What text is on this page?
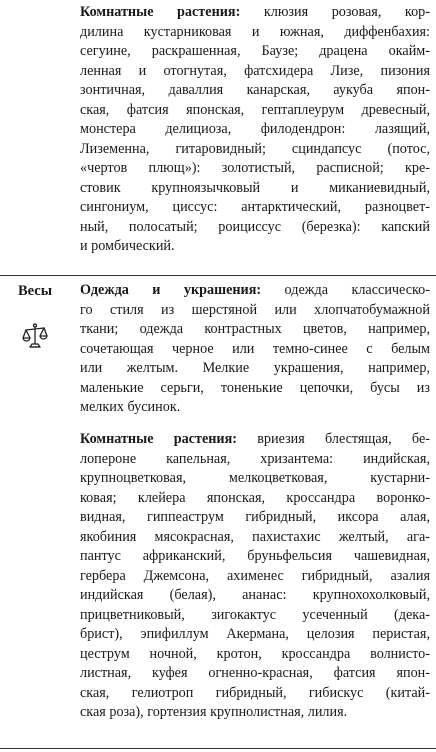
Комнатные растения: клюзия розовая, кор-
дилина кустарниковая и южная, диффенбахия:
сегуине, раскрашенная, Баузе; драцена окайм-
ленная и отогнутая, фатсхидера Лизе, пизония
зонтичная, даваллия канарская, аукуба япон-
ская, фатсия японская, гептаплеурум древесный,
монстера делициоза, филодендрон: лазящий,
Лиземенна, гитаровидный; сциндапсус (потос,
«чертов плющ»): золотистый, расписной; кре-
стовик крупноязычковый и миканиевидный,
сингониум, циссус: антарктический, разноцвет-
ный, полосатый; роициссус (березка): капский
и ромбический.
Весы Одежда и украшения: одежда классическо-
го стиля из шерстяной или хлопчатобумажной
ткани; одежда контрастных цветов, например,
сочетающая черное или темно-синее с белым
или желтым. Мелкие украшения, например,
маленькие серьги, тоненькие цепочки, бусы из
мелких бусинок.
Комнатные растения: вриезия блестящая, бе-
лопероне капельная, хризантема: индийская,
крупноцветковая, мелкоцветковая, кустарни-
ковая; клейера японская, кроссандра воронко-
видная, гиппеаструм гибридный, иксора алая,
якобиния мясокрасная, пахистахис желтый, ага-
пантус африканский, бруньфельсия чашевидная,
гербера Джемсона, ахименес гибридный, азалия
индийская (белая), ананас: крупнохохолковый,
прицветниковый, зигокактус усеченный (дека-
брист), эпифиллум Акермана, целозия перистая,
цеструм ночной, кротон, кроссандра волнисто-
листная, куфея огненно-красная, фатсия япон-
ская, гелиотроп гибридный, гибискус (китай-
ская роза), гортензия крупнолистная, лилия.
